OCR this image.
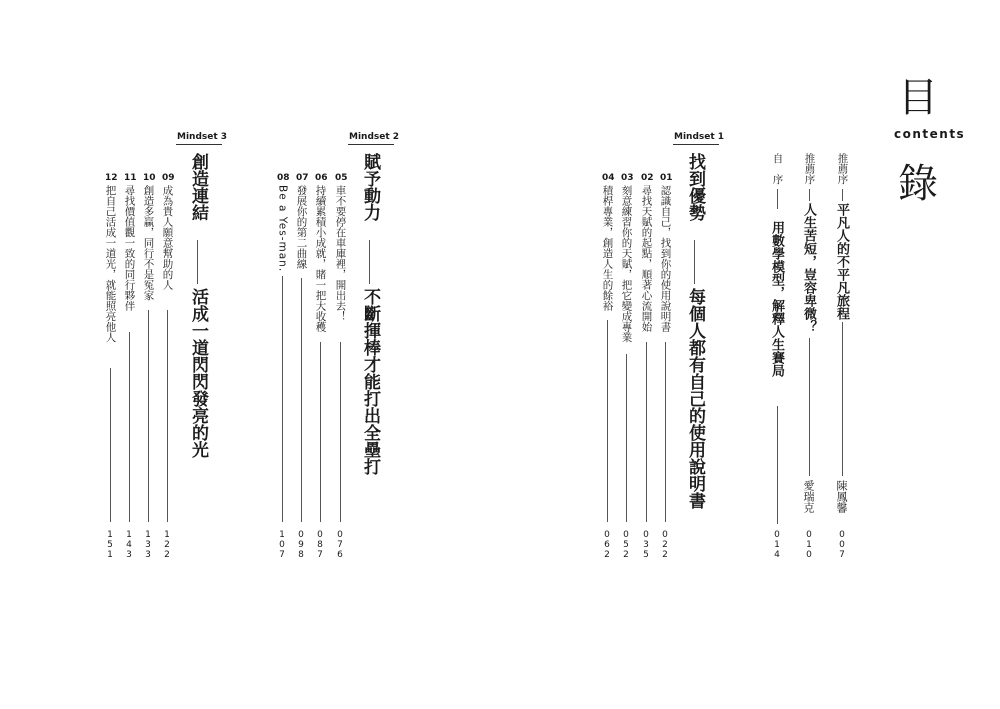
目
contents
錄
推薦序
平凡人的不平凡旅程
陳鳳馨
007
推薦序
人生苦短，豈容卑微？
愛瑞克
010
自　序
用數學模型，解釋人生賽局
014
Mindset 1
找到優勢
每個人都有自己的使用說明書
01
認識自己，找到你的使用說明書
022
02
尋找天賦的起點，順著心流開始
035
03
刻意練習你的天賦，把它變成專業
052
04
積桿專業，創造人生的餘裕
062
Mindset 2
賦予動力
不斷揮棒才能打出全壘打
05
車不要停在車庫裡，開出去！
076
06
持續累積小成就，賭一把大收穫
087
07
發展你的第二曲線
098
08
Be a Yes-man.
107
Mindset 3
創造連結
活成一道閃閃發亮的光
09
成為貴人願意幫助的人
122
10
創造多贏，同行不是冤家
133
11
尋找價值觀一致的同行夥伴
143
12
把自己活成一道光，就能照亮他人
151
